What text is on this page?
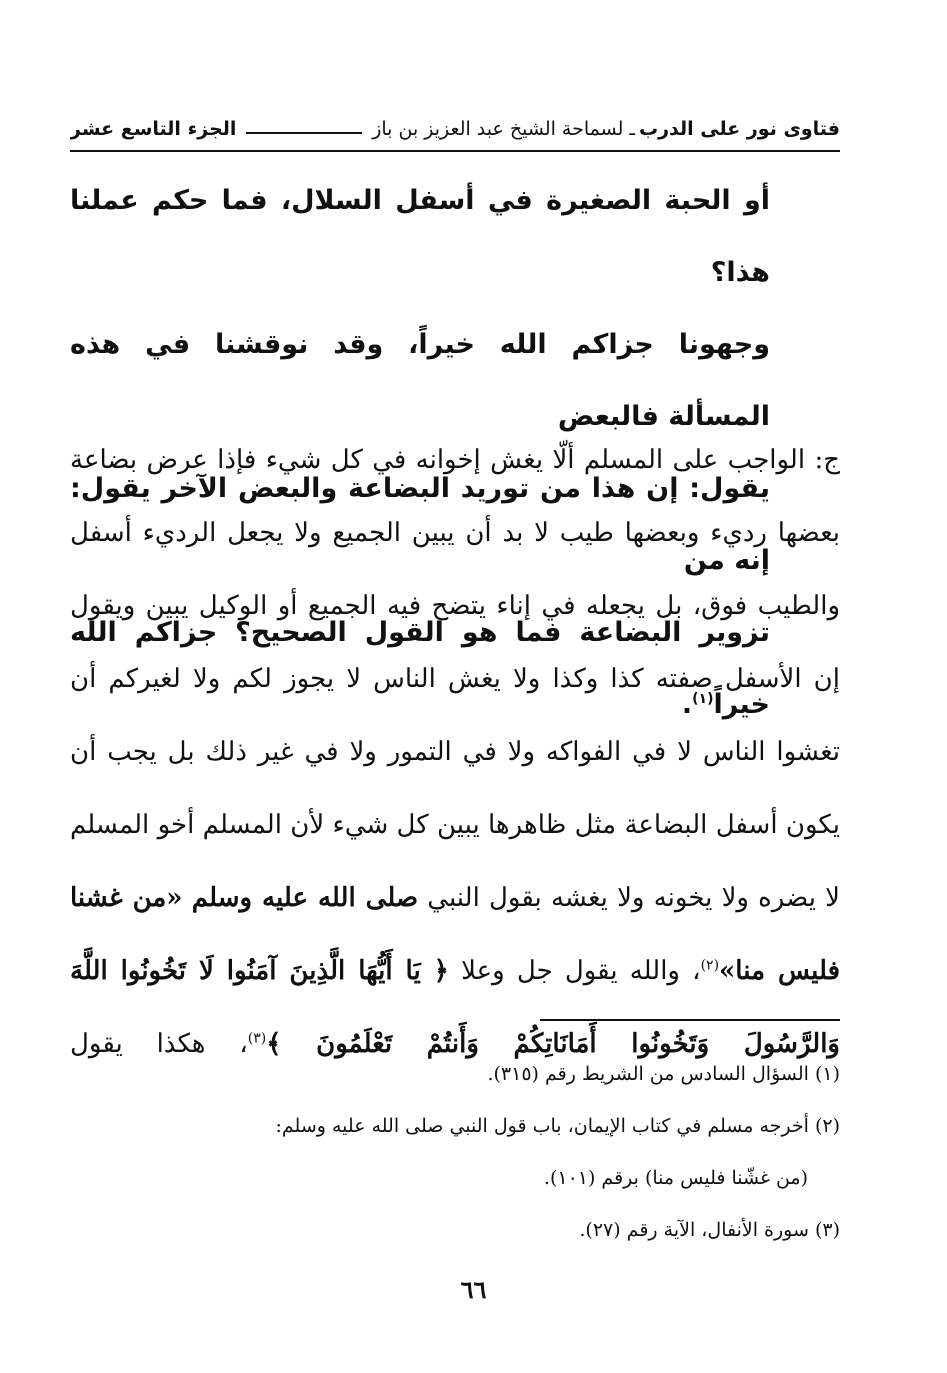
فتاوى نور على الدرب
ـ لسماحة الشيخ عبد العزيز بن باز
الجزء التاسع عشر
أو الحبة الصغيرة في أسفل السلال، فما حكم عملنا هذا؟
وجهونا جزاكم الله خيراً، وقد نوقشنا في هذه المسألة فالبعض
يقول: إن هذا من توريد البضاعة والبعض الآخر يقول: إنه من
تزوير البضاعة فما هو القول الصحيح؟ جزاكم الله خيراً$^{(١)}$.
ج: الواجب على المسلم ألّا يغش إخوانه في كل شيء فإذا عرض بضاعة بعضها رديء وبعضها طيب لا بد أن يبين الجميع ولا يجعل الرديء أسفل والطيب فوق، بل يجعله في إناء يتضح فيه الجميع أو الوكيل يبين ويقول إن الأسفل صفته كذا وكذا ولا يغش الناس لا يجوز لكم ولا لغيركم أن تغشوا الناس لا في الفواكه ولا في التمور ولا في غير ذلك بل يجب أن يكون أسفل البضاعة مثل ظاهرها يبين كل شيء لأن المسلم أخو المسلم لا يضره ولا يخونه ولا يغشه بقول النبي صلى الله عليه وسلم «من غشنا فليس منا»$^{(٢)}$، والله يقول جل وعلا ﴿ يَا أَيُّهَا الَّذِينَ آمَنُوا لَا تَخُونُوا اللَّهَ وَالرَّسُولَ وَتَخُونُوا أَمَانَاتِكُمْ وَأَنتُمْ تَعْلَمُونَ ﴾$^{(٣)}$، هكذا يقول

(١) السؤال السادس من الشريط رقم (٣١٥).

(٢) أخرجه مسلم في كتاب الإيمان، باب قول النبي صلى الله عليه وسلم:

(من غشّنا فليس منا) برقم (١٠١).

(٣) سورة الأنفال، الآية رقم (٢٧).

٦٦
